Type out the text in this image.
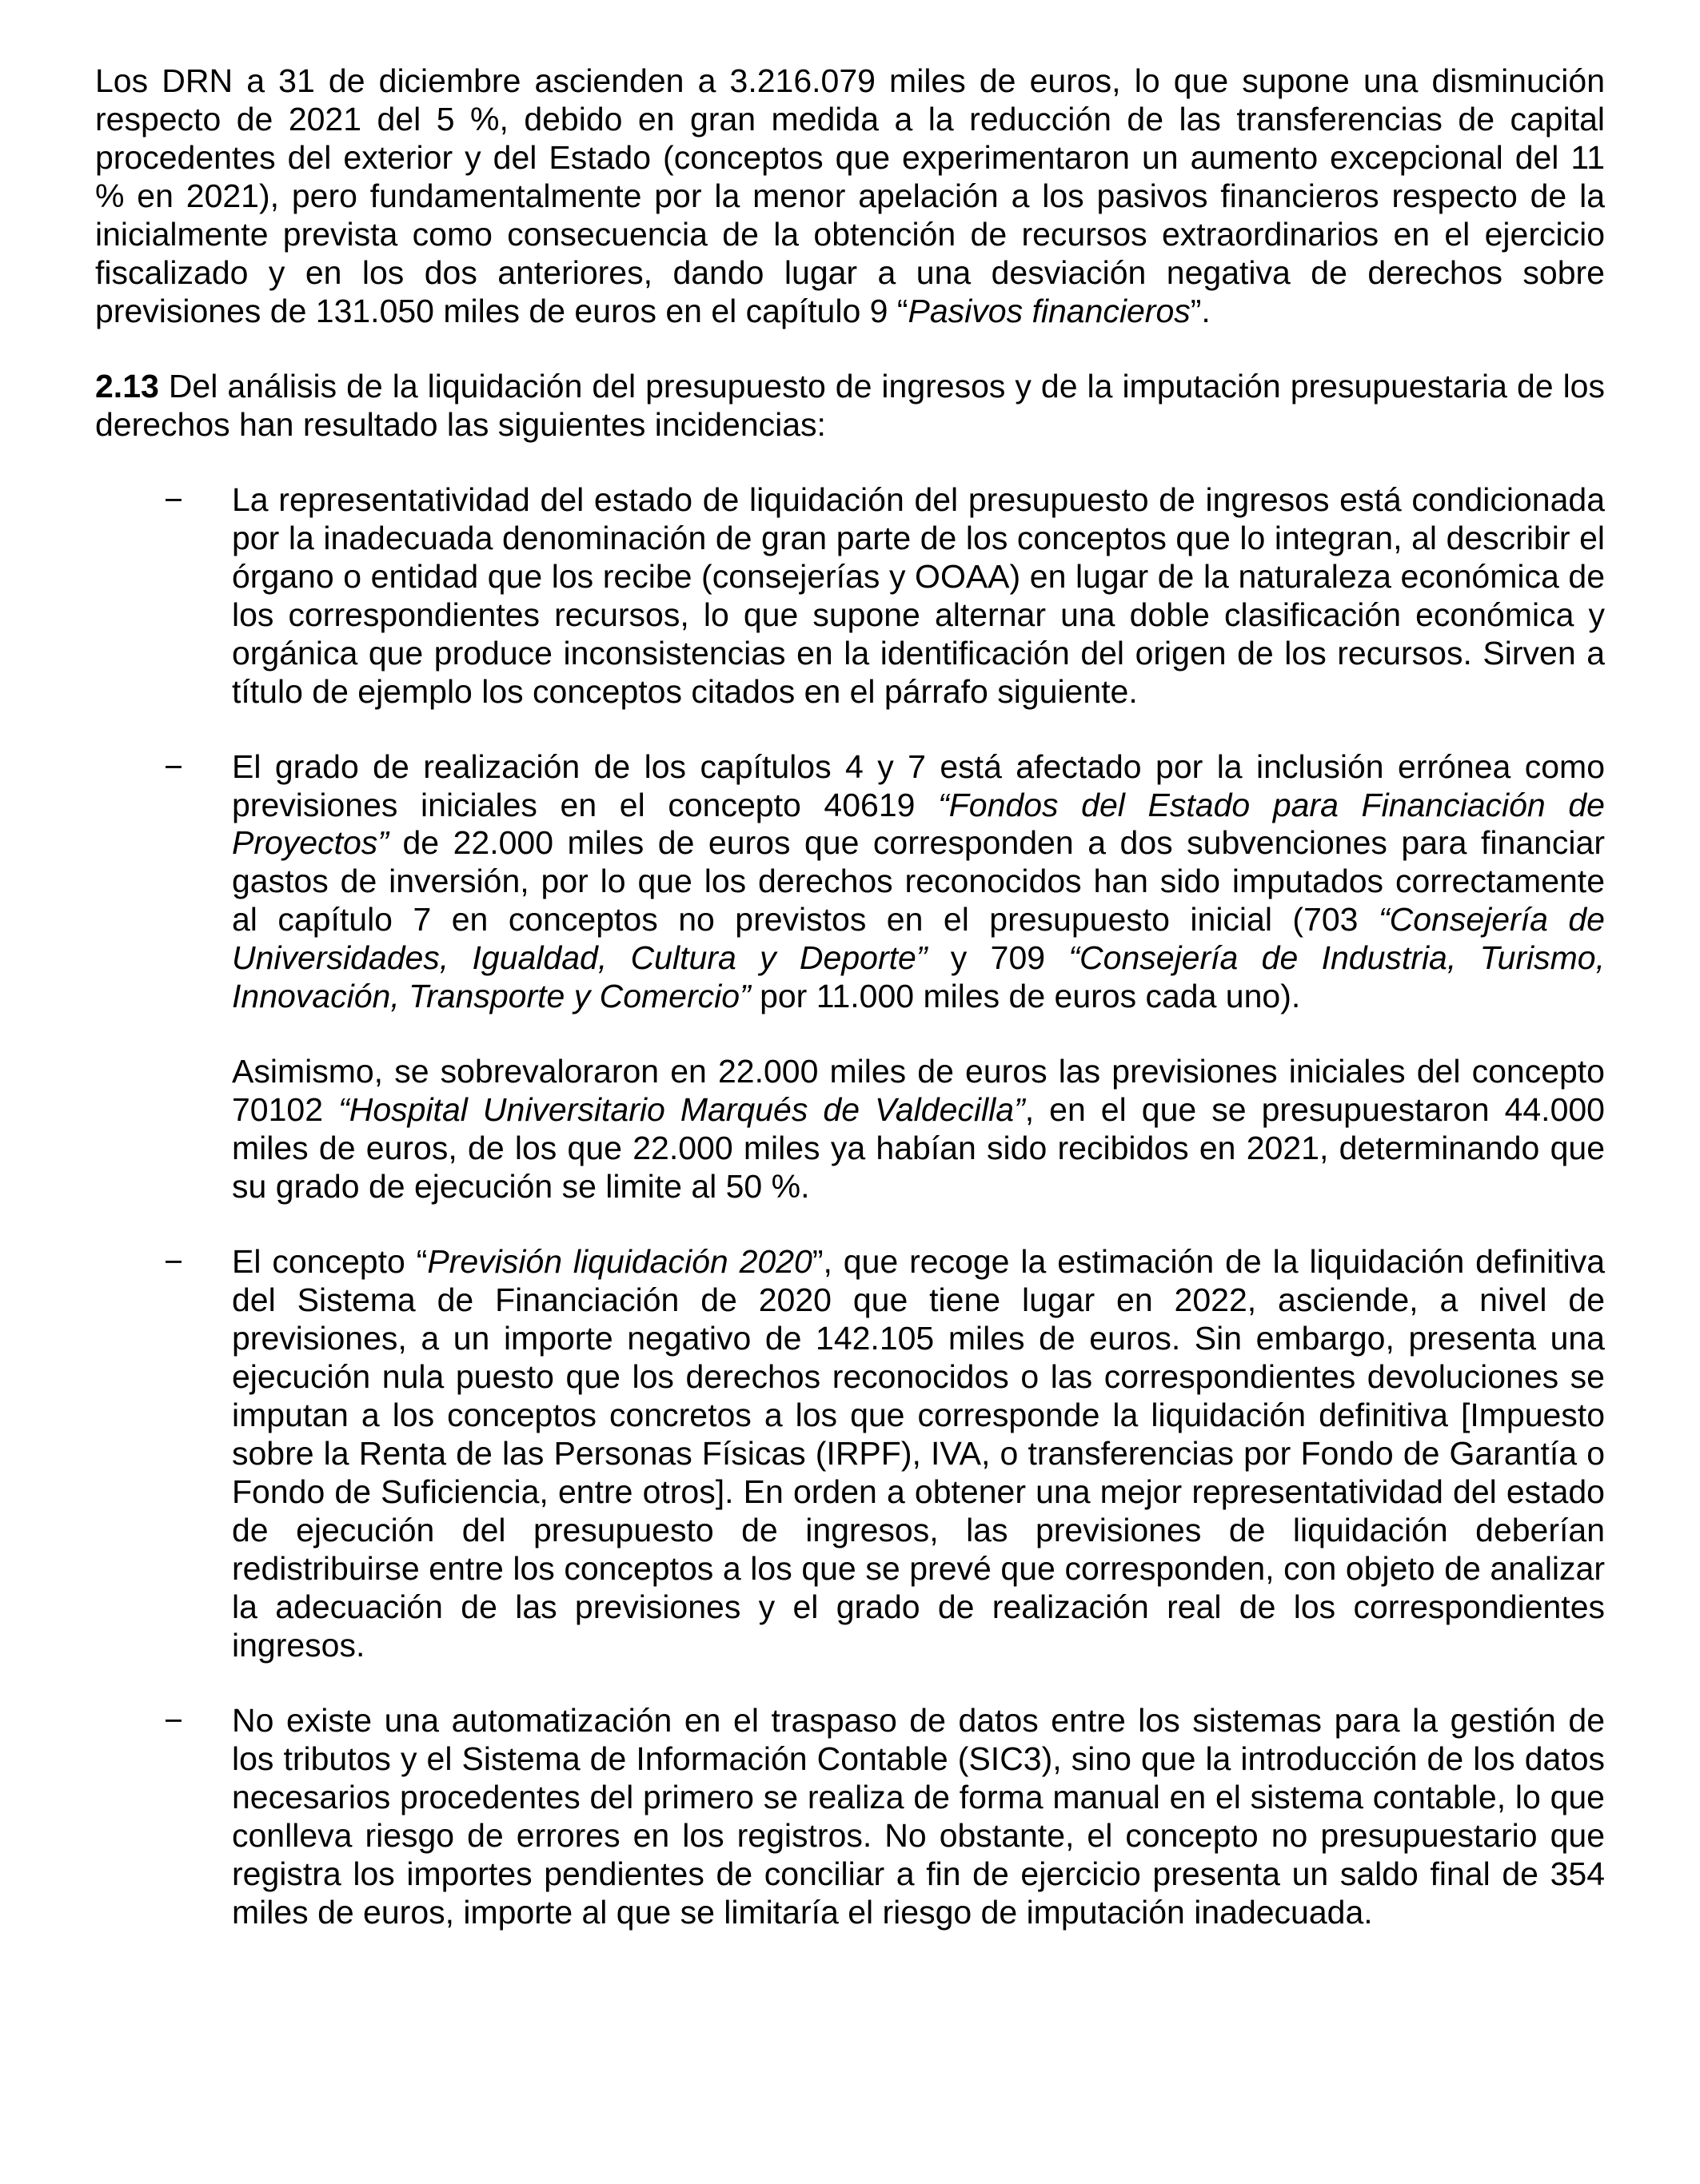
Los DRN a 31 de diciembre ascienden a 3.216.079 miles de euros, lo que supone una disminución respecto de 2021 del 5 %, debido en gran medida a la reducción de las transferencias de capital procedentes del exterior y del Estado (conceptos que experimentaron un aumento excepcional del 11 % en 2021), pero fundamentalmente por la menor apelación a los pasivos financieros respecto de la inicialmente prevista como consecuencia de la obtención de recursos extraordinarios en el ejercicio fiscalizado y en los dos anteriores, dando lugar a una desviación negativa de derechos sobre previsiones de 131.050 miles de euros en el capítulo 9 “Pasivos financieros”.
2.13 Del análisis de la liquidación del presupuesto de ingresos y de la imputación presupuestaria de los derechos han resultado las siguientes incidencias:
−	La representatividad del estado de liquidación del presupuesto de ingresos está condicionada por la inadecuada denominación de gran parte de los conceptos que lo integran, al describir el órgano o entidad que los recibe (consejerías y OOAA) en lugar de la naturaleza económica de los correspondientes recursos, lo que supone alternar una doble clasificación económica y orgánica que produce inconsistencias en la identificación del origen de los recursos. Sirven a título de ejemplo los conceptos citados en el párrafo siguiente.
−	El grado de realización de los capítulos 4 y 7 está afectado por la inclusión errónea como previsiones iniciales en el concepto 40619 “Fondos del Estado para Financiación de Proyectos” de 22.000 miles de euros que corresponden a dos subvenciones para financiar gastos de inversión, por lo que los derechos reconocidos han sido imputados correctamente al capítulo 7 en conceptos no previstos en el presupuesto inicial (703 “Consejería de Universidades, Igualdad, Cultura y Deporte” y 709 “Consejería de Industria, Turismo, Innovación, Transporte y Comercio” por 11.000 miles de euros cada uno).
Asimismo, se sobrevaloraron en 22.000 miles de euros las previsiones iniciales del concepto 70102 “Hospital Universitario Marqués de Valdecilla”, en el que se presupuestaron 44.000 miles de euros, de los que 22.000 miles ya habían sido recibidos en 2021, determinando que su grado de ejecución se limite al 50 %.
−	El concepto “Previsión liquidación 2020”, que recoge la estimación de la liquidación definitiva del Sistema de Financiación de 2020 que tiene lugar en 2022, asciende, a nivel de previsiones, a un importe negativo de 142.105 miles de euros. Sin embargo, presenta una ejecución nula puesto que los derechos reconocidos o las correspondientes devoluciones se imputan a los conceptos concretos a los que corresponde la liquidación definitiva [Impuesto sobre la Renta de las Personas Físicas (IRPF), IVA, o transferencias por Fondo de Garantía o Fondo de Suficiencia, entre otros]. En orden a obtener una mejor representatividad del estado de ejecución del presupuesto de ingresos, las previsiones de liquidación deberían redistribuirse entre los conceptos a los que se prevé que corresponden, con objeto de analizar la adecuación de las previsiones y el grado de realización real de los correspondientes ingresos.
−	No existe una automatización en el traspaso de datos entre los sistemas para la gestión de los tributos y el Sistema de Información Contable (SIC3), sino que la introducción de los datos necesarios procedentes del primero se realiza de forma manual en el sistema contable, lo que conlleva riesgo de errores en los registros. No obstante, el concepto no presupuestario que registra los importes pendientes de conciliar a fin de ejercicio presenta un saldo final de 354 miles de euros, importe al que se limitaría el riesgo de imputación inadecuada.
